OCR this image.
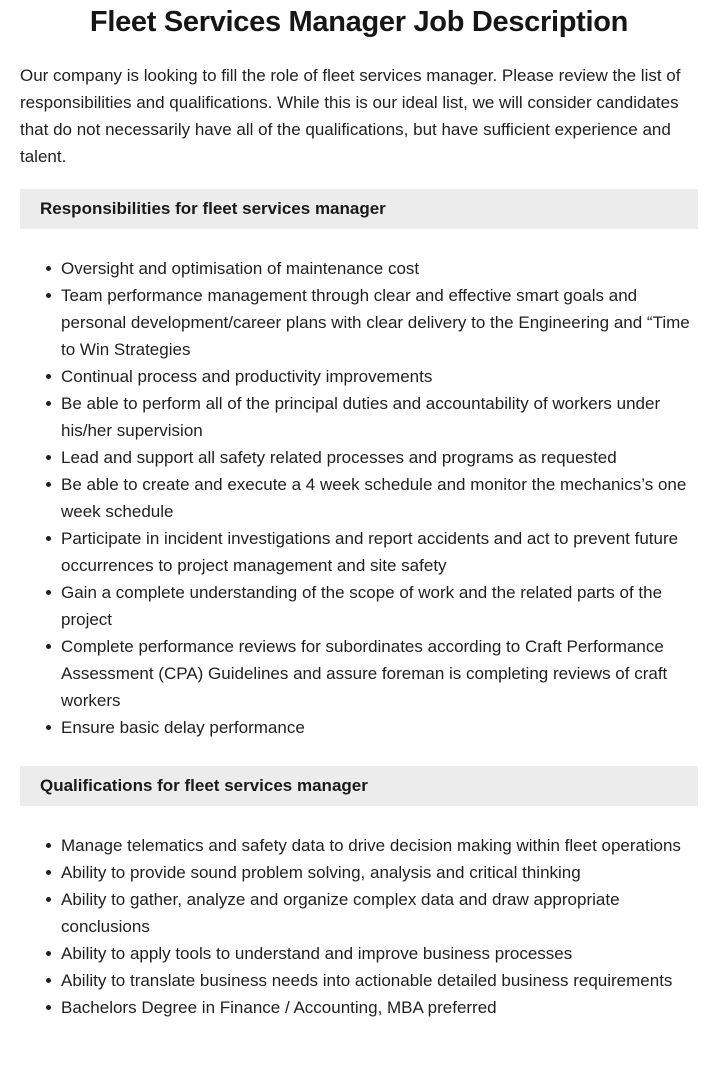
Fleet Services Manager Job Description

Our company is looking to fill the role of fleet services manager. Please review the list of responsibilities and qualifications. While this is our ideal list, we will consider candidates that do not necessarily have all of the qualifications, but have sufficient experience and talent.

Responsibilities for fleet services manager
Oversight and optimisation of maintenance cost
Team performance management through clear and effective smart goals and personal development/career plans with clear delivery to the Engineering and “Time to Win Strategies
Continual process and productivity improvements
Be able to perform all of the principal duties and accountability of workers under his/her supervision
Lead and support all safety related processes and programs as requested
Be able to create and execute a 4 week schedule and monitor the mechanics’s one week schedule
Participate in incident investigations and report accidents and act to prevent future occurrences to project management and site safety
Gain a complete understanding of the scope of work and the related parts of the project
Complete performance reviews for subordinates according to Craft Performance Assessment (CPA) Guidelines and assure foreman is completing reviews of craft workers
Ensure basic delay performance
Qualifications for fleet services manager
Manage telematics and safety data to drive decision making within fleet operations
Ability to provide sound problem solving, analysis and critical thinking
Ability to gather, analyze and organize complex data and draw appropriate conclusions
Ability to apply tools to understand and improve business processes
Ability to translate business needs into actionable detailed business requirements
Bachelors Degree in Finance / Accounting, MBA preferred
